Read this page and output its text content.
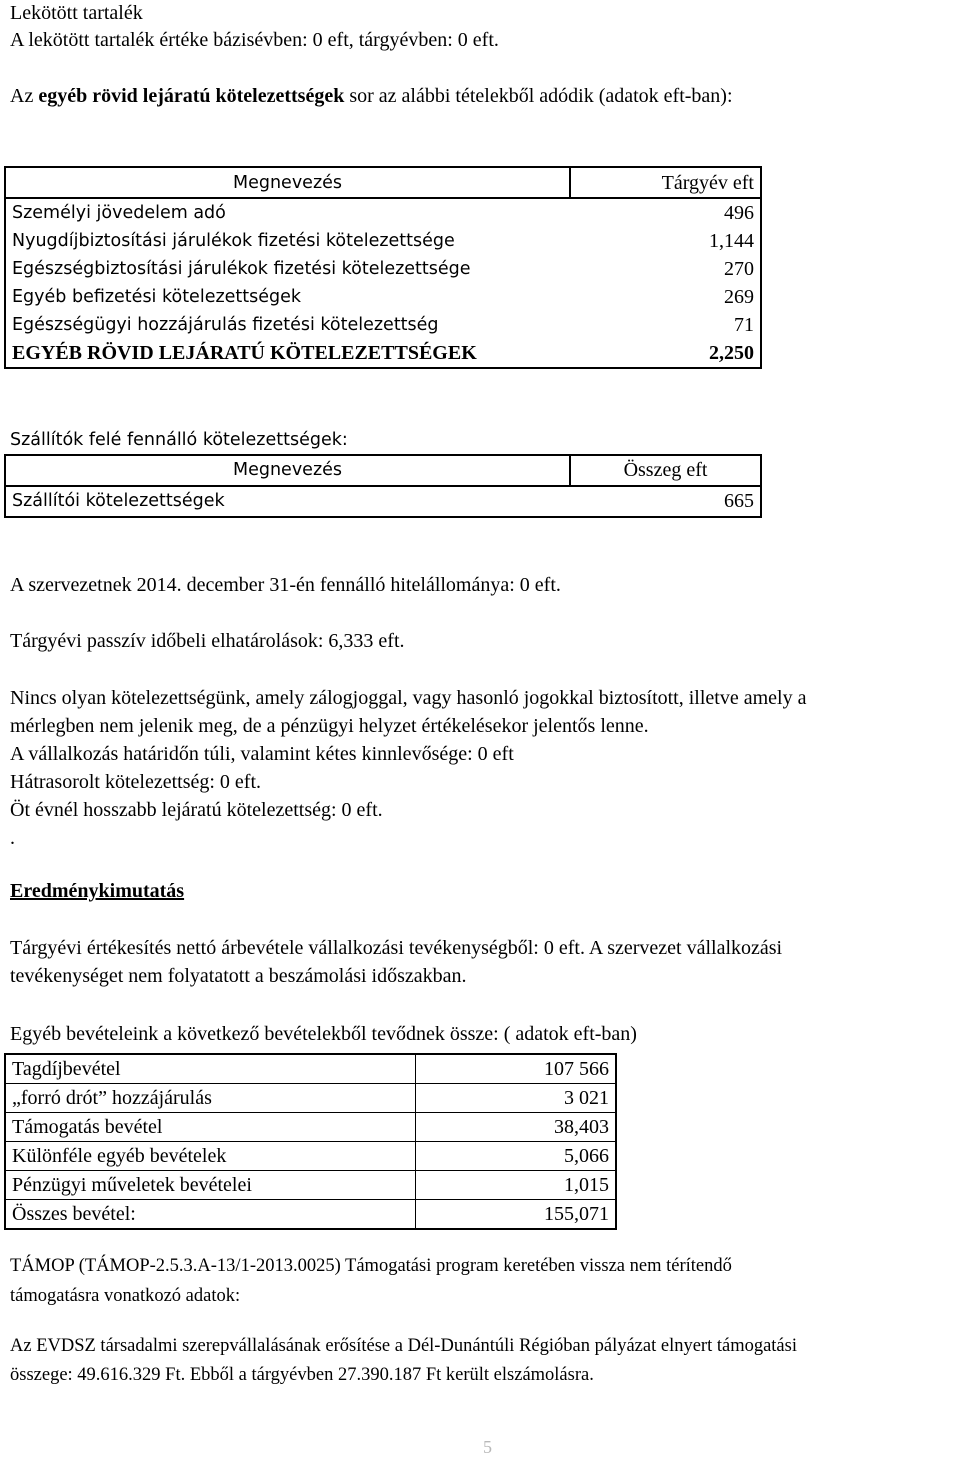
Lekötött tartalék
A lekötött tartalék értéke bázisévben: 0 eft, tárgyévben: 0 eft.
Az egyéb rövid lejáratú kötelezettségek sor az alábbi tételekből adódik (adatok eft-ban):
Megnevezés	Tárgyév eft
Személyi jövedelem adó	496
Nyugdíjbiztosítási járulékok fizetési kötelezettsége	1,144
Egészségbiztosítási járulékok fizetési kötelezettsége	270
Egyéb befizetési kötelezettségek	269
Egészségügyi hozzájárulás fizetési kötelezettség	71
EGYÉB RÖVID LEJÁRATÚ KÖTELEZETTSÉGEK	2,250
Szállítók felé fennálló kötelezettségek:
Megnevezés	Összeg eft
Szállítói kötelezettségek	665
A szervezetnek 2014. december 31-én fennálló hitelállománya: 0 eft.
Tárgyévi passzív időbeli elhatárolások: 6,333 eft.
Nincs olyan kötelezettségünk, amely zálogjoggal, vagy hasonló jogokkal biztosított, illetve amely a
mérlegben nem jelenik meg, de a pénzügyi helyzet értékelésekor jelentős lenne.
A vállalkozás határidőn túli, valamint kétes kinnlevősége: 0 eft
Hátrasorolt kötelezettség: 0 eft.
Öt évnél hosszabb lejáratú kötelezettség: 0 eft.
.
Eredménykimutatás
Tárgyévi értékesítés nettó árbevétele vállalkozási tevékenységből: 0 eft. A szervezet vállalkozási
tevékenységet nem folyatatott a beszámolási időszakban.
Egyéb bevételeink a következő bevételekből tevődnek össze: ( adatok eft-ban)
Tagdíjbevétel	107 566
„forró drót” hozzájárulás	3 021
Támogatás bevétel	38,403
Különféle egyéb bevételek	5,066
Pénzügyi műveletek bevételei	1,015
Összes bevétel:	155,071
TÁMOP (TÁMOP-2.5.3.A-13/1-2013.0025) Támogatási program keretében vissza nem térítendő
támogatásra vonatkozó adatok:
Az EVDSZ társadalmi szerepvállalásának erősítése a Dél-Dunántúli Régióban pályázat elnyert támogatási
összege: 49.616.329 Ft. Ebből a tárgyévben 27.390.187 Ft került elszámolásra.
5
